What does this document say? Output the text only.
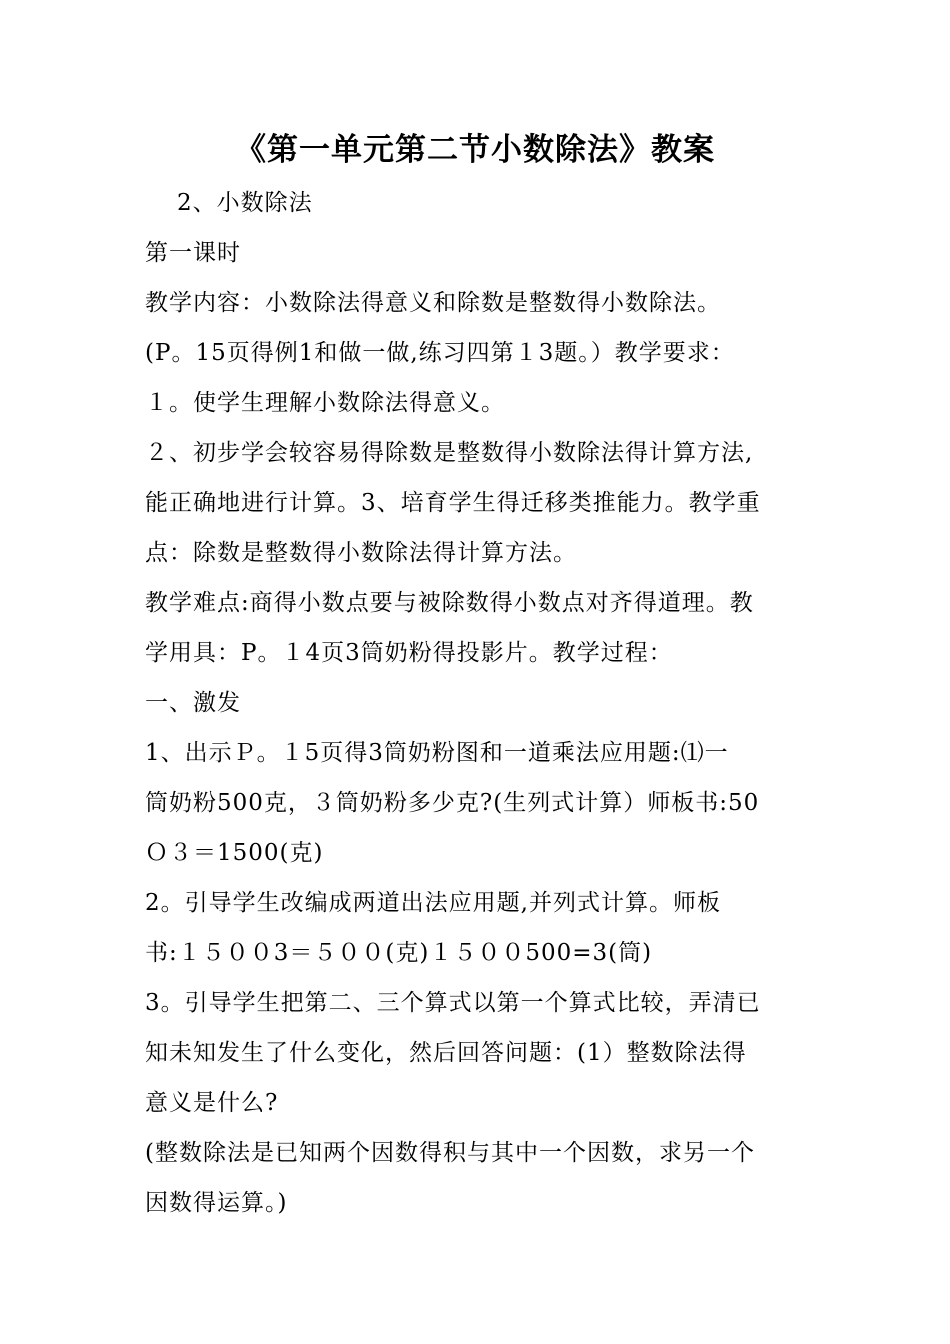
《第一单元第二节小数除法》教案
2、小数除法
第一课时
教学内容：小数除法得意义和除数是整数得小数除法。
(P。15页得例1和做一做,练习四第１3题。）教学要求：
１。使学生理解小数除法得意义。
２、初步学会较容易得除数是整数得小数除法得计算方法,
能正确地进行计算。3、培育学生得迁移类推能力。教学重
点：除数是整数得小数除法得计算方法。
教学难点:商得小数点要与被除数得小数点对齐得道理。教
学用具：P。１4页3筒奶粉得投影片。教学过程：
一、激发
1、出示Ｐ。１5页得3筒奶粉图和一道乘法应用题:⑴一
筒奶粉500克，３筒奶粉多少克?(生列式计算）师板书:50
Ｏ３＝1500(克)
2。引导学生改编成两道出法应用题,并列式计算。师板
书:１５００3＝５００(克)１５００500=3(筒)
3。引导学生把第二、三个算式以第一个算式比较，弄清已
知未知发生了什么变化，然后回答问题：(1）整数除法得
意义是什么?
(整数除法是已知两个因数得积与其中一个因数，求另一个
因数得运算。)
